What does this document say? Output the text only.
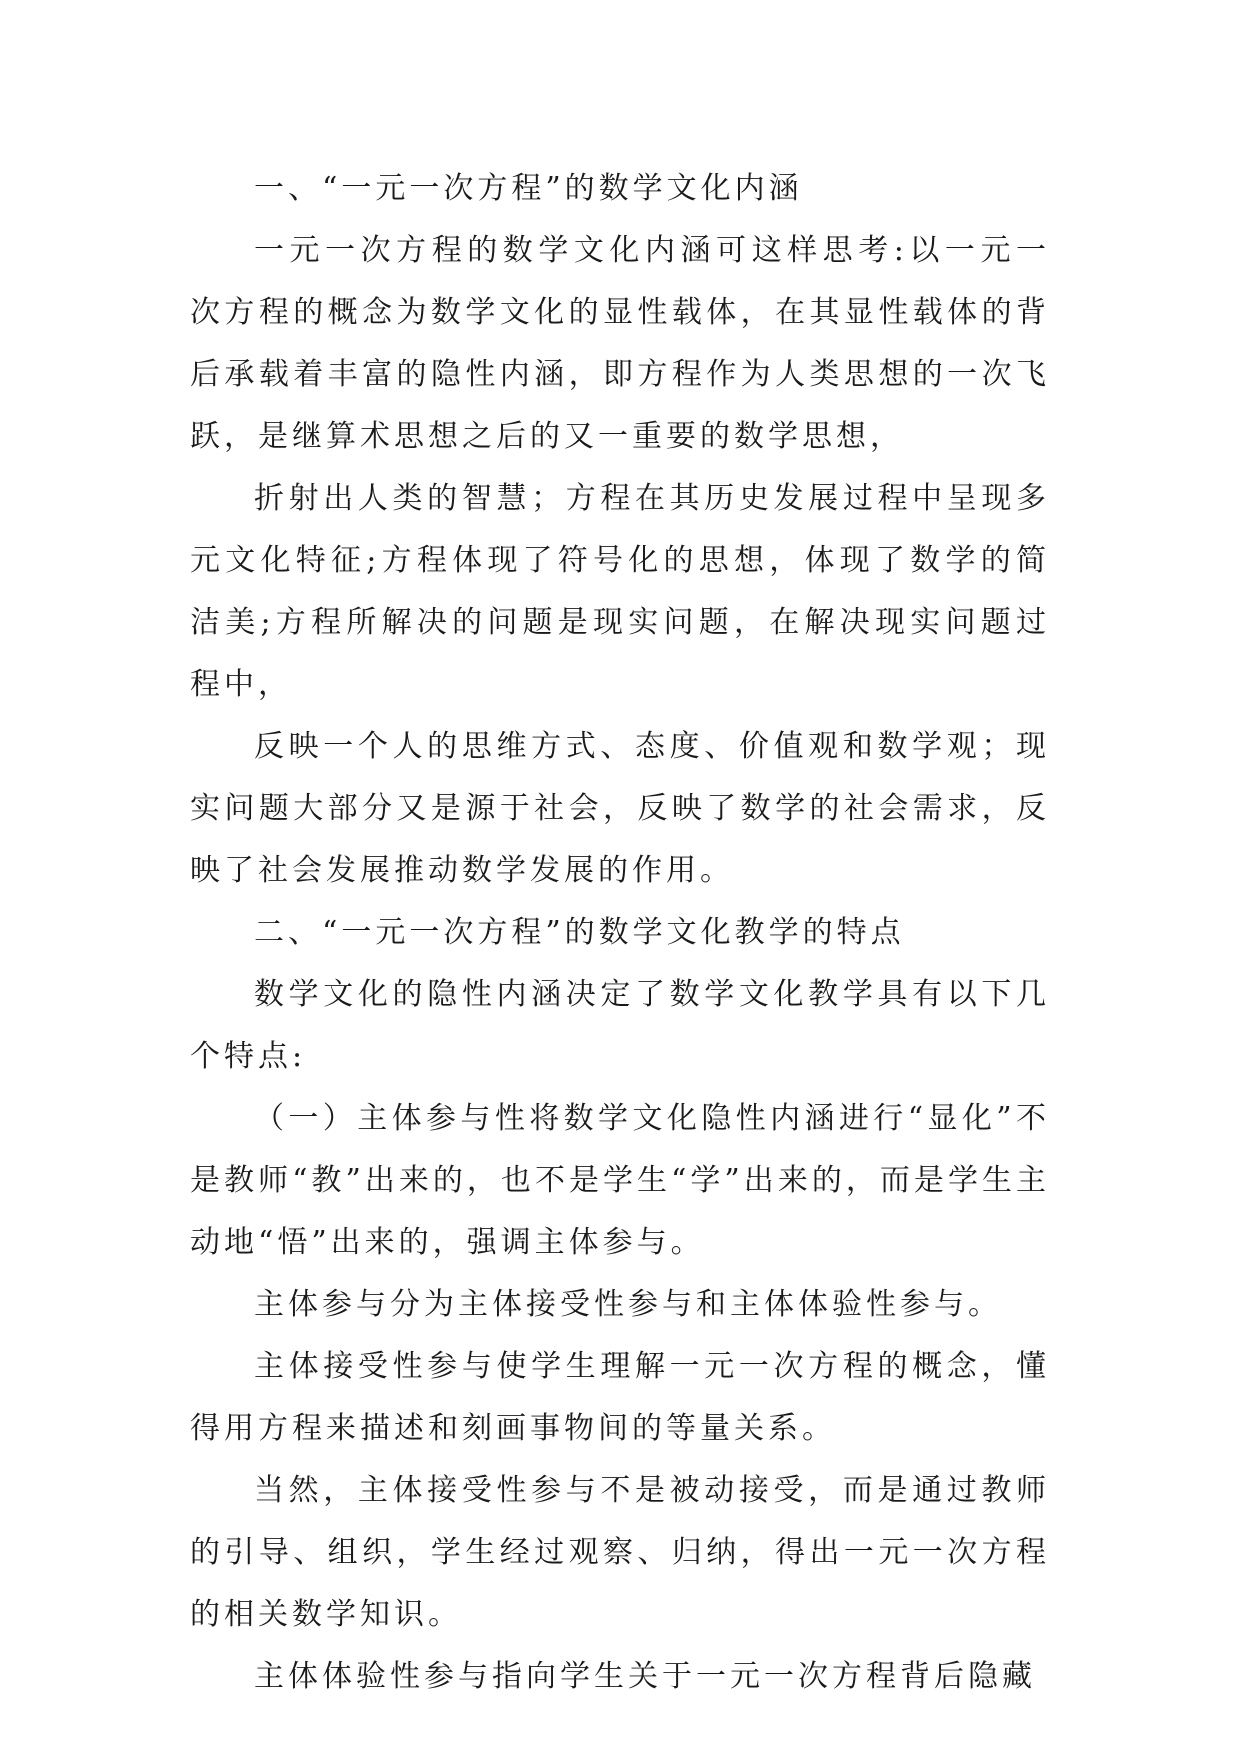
一、“一元一次方程”的数学文化内涵

一元一次方程的数学文化内涵可这样思考:以一元一次方程的概念为数学文化的显性载体，在其显性载体的背后承载着丰富的隐性内涵，即方程作为人类思想的一次飞跃，是继算术思想之后的又一重要的数学思想，

折射出人类的智慧；方程在其历史发展过程中呈现多元文化特征;方程体现了符号化的思想，体现了数学的简洁美;方程所解决的问题是现实问题，在解决现实问题过程中，

反映一个人的思维方式、态度、价值观和数学观；现实问题大部分又是源于社会，反映了数学的社会需求，反映了社会发展推动数学发展的作用。

二、“一元一次方程”的数学文化教学的特点

数学文化的隐性内涵决定了数学文化教学具有以下几个特点:

（一）主体参与性将数学文化隐性内涵进行“显化”不是教师“教”出来的，也不是学生“学”出来的，而是学生主动地“悟”出来的，强调主体参与。

主体参与分为主体接受性参与和主体体验性参与。

主体接受性参与使学生理解一元一次方程的概念，懂得用方程来描述和刻画事物间的等量关系。

当然，主体接受性参与不是被动接受，而是通过教师的引导、组织，学生经过观察、归纳，得出一元一次方程的相关数学知识。

主体体验性参与指向学生关于一元一次方程背后隐藏
